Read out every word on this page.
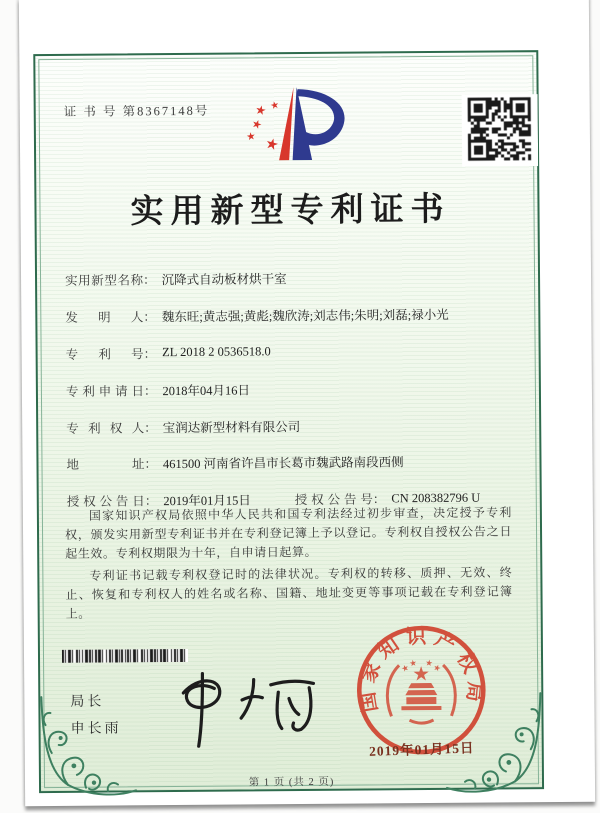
证 书 号 第8367148号
实用新型专利证书
实用新型名称 ： 沉降式自动板材烘干室
发明人 ： 魏东旺;黄志强;黄彪;魏欣涛;刘志伟;朱明;刘磊;禄小光
专利号 ： ZL 2018 2 0536518.0
专利申请日 ： 2018年04月16日
专利权人 ： 宝润达新型材料有限公司
地址 ： 461500 河南省许昌市长葛市魏武路南段西侧
授权公告日 ： 2019年01月15日	授权公告号 ： CN 208382796 U

国家知识产权局依照中华人民共和国专利法经过初步审查，决定授予专利权，颁发实用新型专利证书并在专利登记簿上予以登记。专利权自授权公告之日起生效。专利权期限为十年，自申请日起算。

专利证书记载专利权登记时的法律状况。专利权的转移、质押、无效、终止、恢复和专利权人的姓名或名称、国籍、地址变更等事项记载在专利登记簿上。

局长
申长雨
国家知识产权局
2019年01月15日
第 1 页 (共 2 页)
